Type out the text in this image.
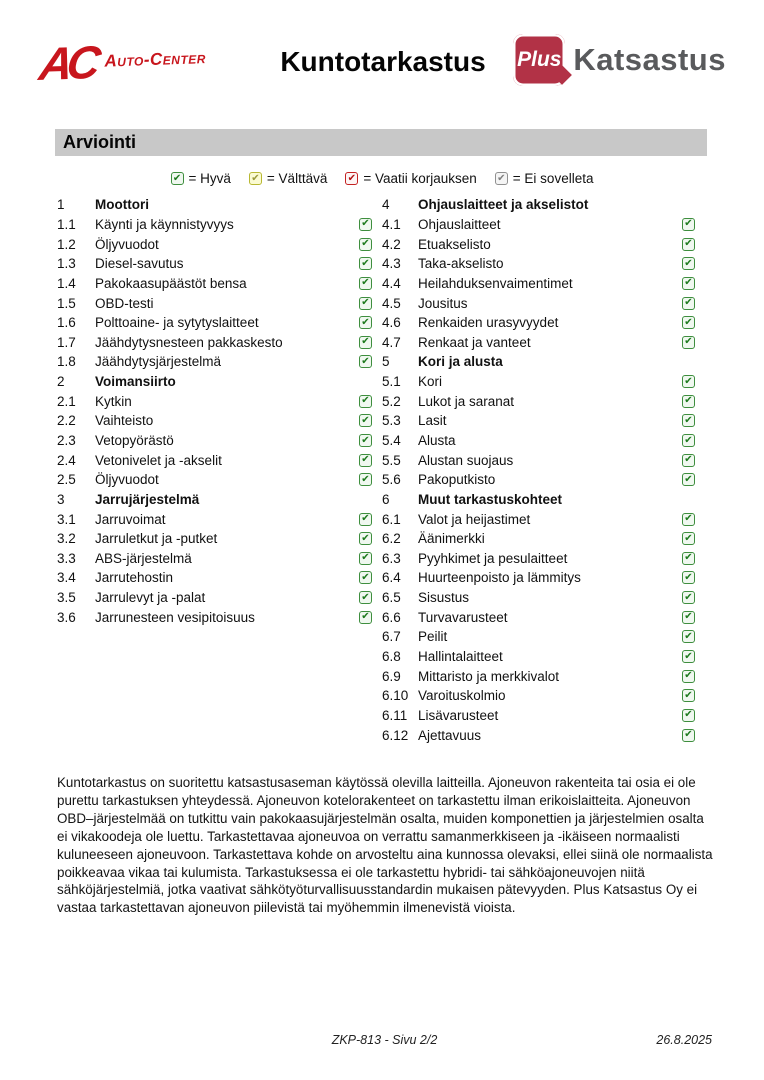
AC Auto-Center	Kuntotarkastus	Plus Katsastus
Arviointi
✔ = Hyvä ✔ = Välttävä ✔ = Vaatii korjauksen ✔ = Ei sovelleta
1	Moottori
1.1	Käynti ja käynnistyvyys	✔
1.2	Öljyvuodot	✔
1.3	Diesel-savutus	✔
1.4	Pakokaasupäästöt bensa	✔
1.5	OBD-testi	✔
1.6	Polttoaine- ja sytytyslaitteet	✔
1.7	Jäähdytysnesteen pakkaskesto	✔
1.8	Jäähdytysjärjestelmä	✔
2	Voimansiirto
2.1	Kytkin	✔
2.2	Vaihteisto	✔
2.3	Vetopyörästö	✔
2.4	Vetonivelet ja -akselit	✔
2.5	Öljyvuodot	✔
3	Jarrujärjestelmä
3.1	Jarruvoimat	✔
3.2	Jarruletkut ja -putket	✔
3.3	ABS-järjestelmä	✔
3.4	Jarrutehostin	✔
3.5	Jarrulevyt ja -palat	✔
3.6	Jarrunesteen vesipitoisuus	✔
4	Ohjauslaitteet ja akselistot
4.1	Ohjauslaitteet	✔
4.2	Etuakselisto	✔
4.3	Taka-akselisto	✔
4.4	Heilahduksenvaimentimet	✔
4.5	Jousitus	✔
4.6	Renkaiden urasyvyydet	✔
4.7	Renkaat ja vanteet	✔
5	Kori ja alusta
5.1	Kori	✔
5.2	Lukot ja saranat	✔
5.3	Lasit	✔
5.4	Alusta	✔
5.5	Alustan suojaus	✔
5.6	Pakoputkisto	✔
6	Muut tarkastuskohteet
6.1	Valot ja heijastimet	✔
6.2	Äänimerkki	✔
6.3	Pyyhkimet ja pesulaitteet	✔
6.4	Huurteenpoisto ja lämmitys	✔
6.5	Sisustus	✔
6.6	Turvavarusteet	✔
6.7	Peilit	✔
6.8	Hallintalaitteet	✔
6.9	Mittaristo ja merkkivalot	✔
6.10 Varoituskolmio	✔
6.11 Lisävarusteet	✔
6.12 Ajettavuus	✔

Kuntotarkastus on suoritettu katsastusaseman käytössä olevilla laitteilla. Ajoneuvon rakenteita tai osia ei ole purettu tarkastuksen yhteydessä. Ajoneuvon kotelorakenteet on tarkastettu ilman erikoislaitteita. Ajoneuvon OBD–järjestelmää on tutkittu vain pakokaasujärjestelmän osalta, muiden komponettien ja järjestelmien osalta ei vikakoodeja ole luettu. Tarkastettavaa ajoneuvoa on verrattu samanmerkkiseen ja -ikäiseen normaalisti kuluneeseen ajoneuvoon. Tarkastettava kohde on arvosteltu aina kunnossa olevaksi, ellei siinä ole normaalista poikkeavaa vikaa tai kulumista. Tarkastuksessa ei ole tarkastettu hybridi- tai sähköajoneuvojen niitä sähköjärjestelmiä, jotka vaativat sähkötyöturvallisuusstandardin mukaisen pätevyyden. Plus Katsastus Oy ei vastaa tarkastettavan ajoneuvon piilevistä tai myöhemmin ilmenevistä vioista.

ZKP-813 - Sivu 2/2	26.8.2025
